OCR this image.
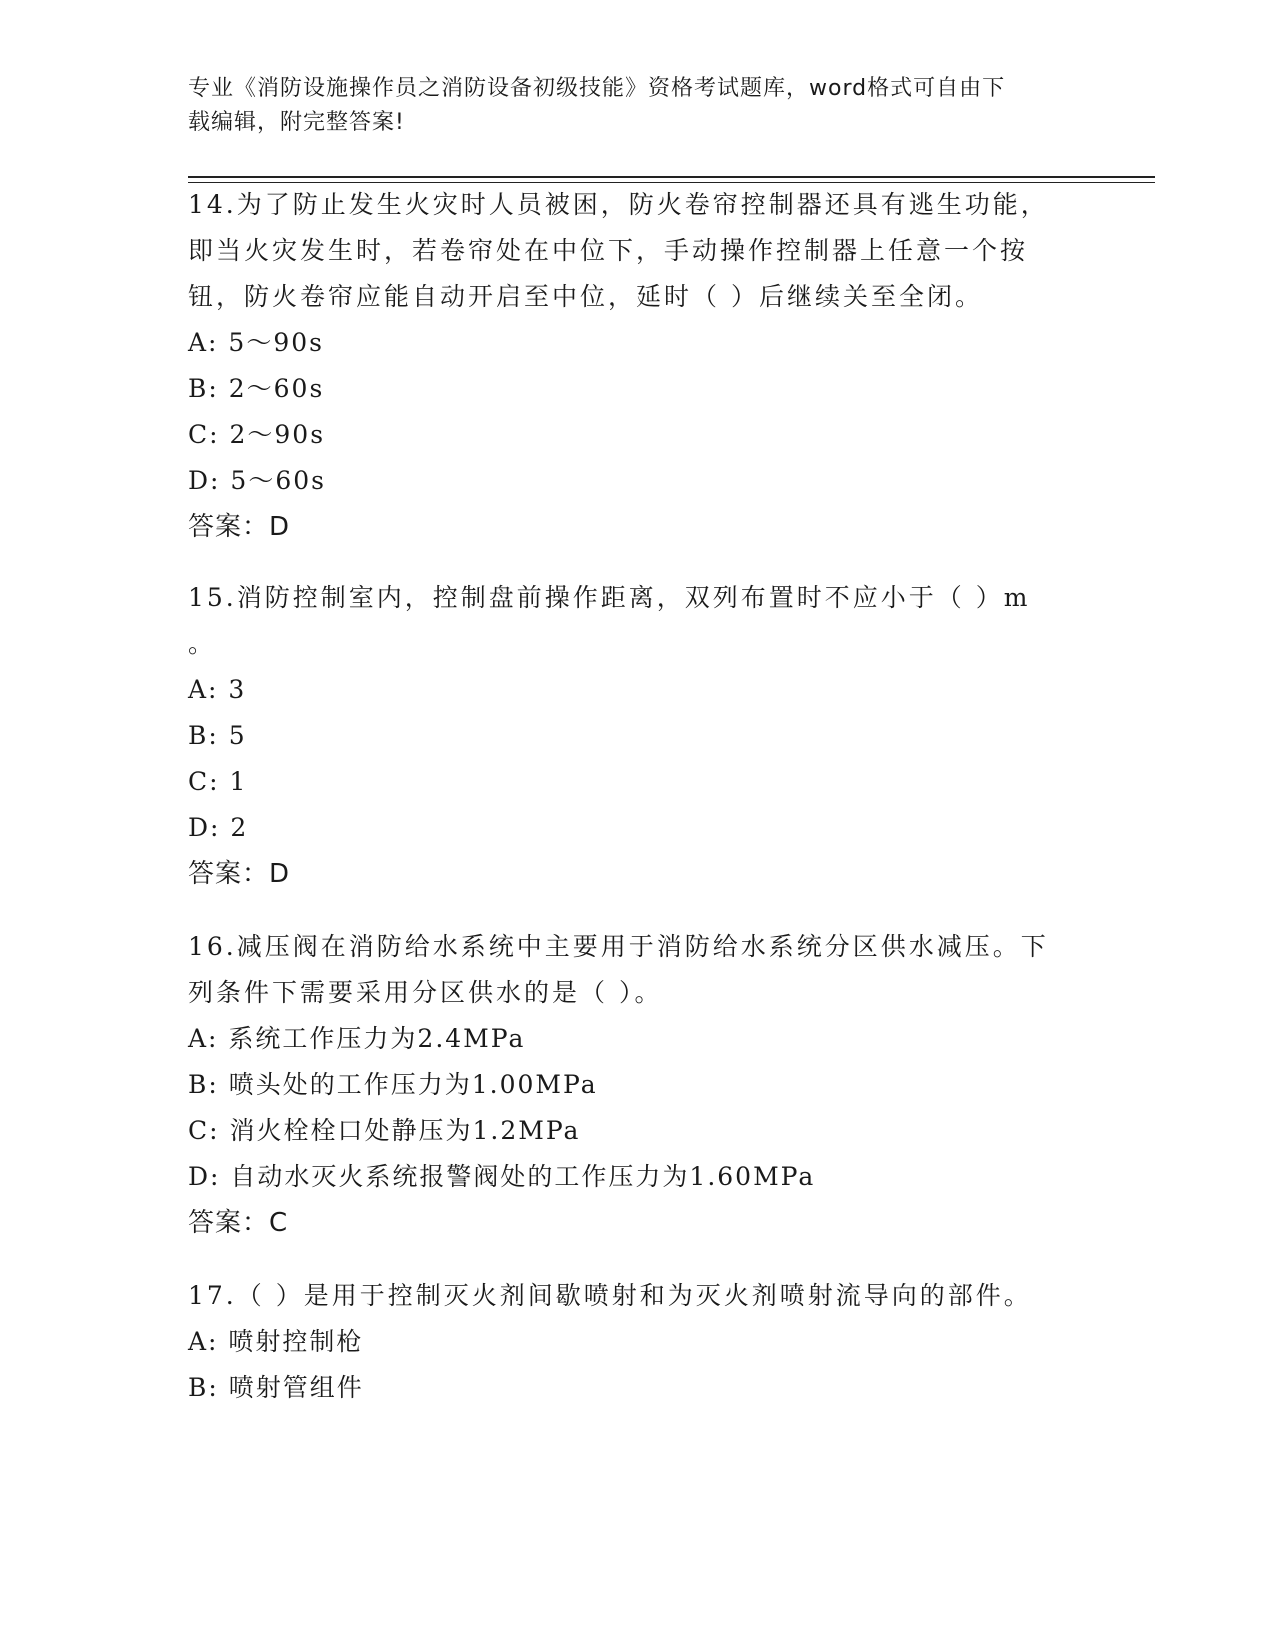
专业《消防设施操作员之消防设备初级技能》资格考试题库，word格式可自由下
载编辑，附完整答案!
14.为了防止发生火灾时人员被困，防火卷帘控制器还具有逃生功能，
即当火灾发生时，若卷帘处在中位下，手动操作控制器上任意一个按
钮，防火卷帘应能自动开启至中位，延时（ ）后继续关至全闭。
A: 5～90s
B: 2～60s
C: 2～90s
D: 5～60s
答案：D
15.消防控制室内，控制盘前操作距离，双列布置时不应小于（ ）m
。
A: 3
B: 5
C: 1
D: 2
答案：D
16.减压阀在消防给水系统中主要用于消防给水系统分区供水减压。下
列条件下需要采用分区供水的是（ ）。
A: 系统工作压力为2.4MPa
B: 喷头处的工作压力为1.00MPa
C: 消火栓栓口处静压为1.2MPa
D: 自动水灭火系统报警阀处的工作压力为1.60MPa
答案：C
17.（ ）是用于控制灭火剂间歇喷射和为灭火剂喷射流导向的部件。
A: 喷射控制枪
B: 喷射管组件
